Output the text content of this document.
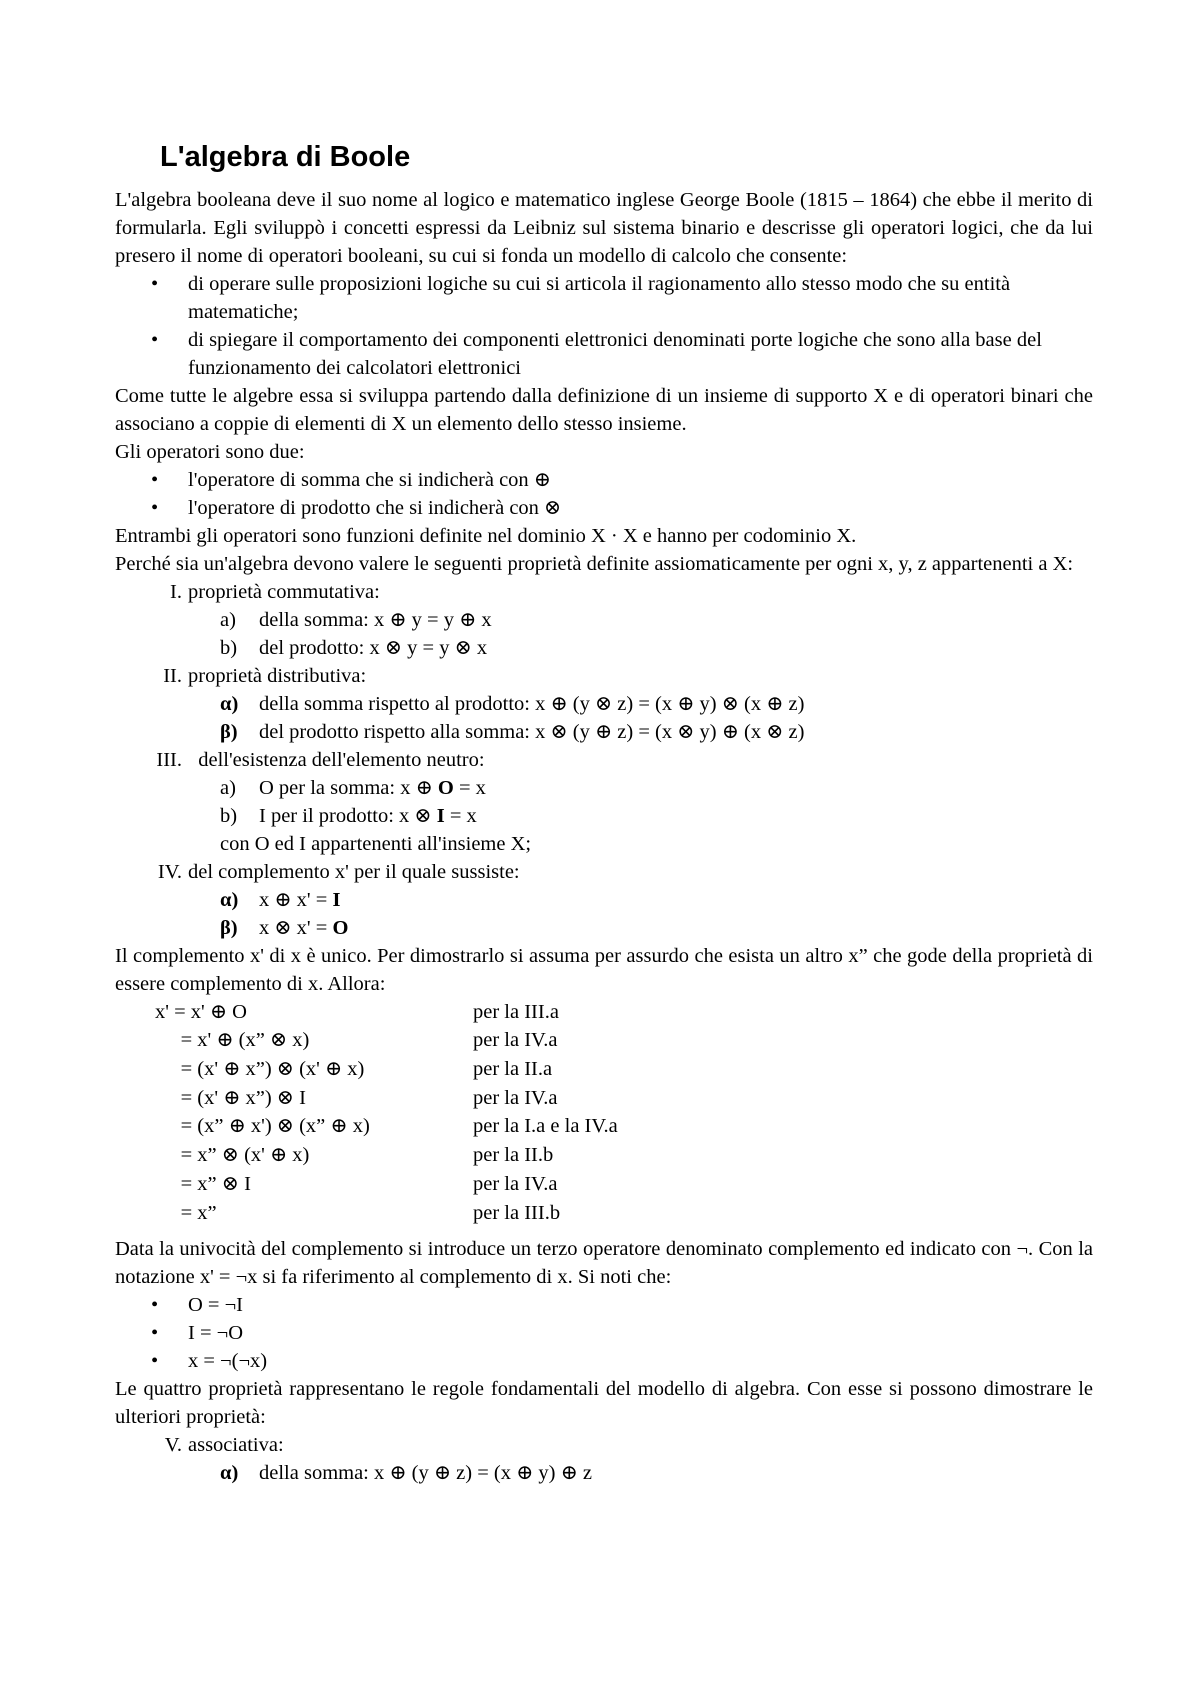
L'algebra di Boole

L'algebra booleana deve il suo nome al logico e matematico inglese George Boole (1815 – 1864) che ebbe il merito di formularla. Egli sviluppò i concetti espressi da Leibniz sul sistema binario e descrisse gli operatori logici, che da lui presero il nome di operatori booleani, su cui si fonda un modello di calcolo che consente:

• di operare sulle proposizioni logiche su cui si articola il ragionamento allo stesso modo che su entità matematiche;
• di spiegare il comportamento dei componenti elettronici denominati porte logiche che sono alla base del funzionamento dei calcolatori elettronici

Come tutte le algebre essa si sviluppa partendo dalla definizione di un insieme di supporto X e di operatori binari che associano a coppie di elementi di X un elemento dello stesso insieme.

Gli operatori sono due:

• l'operatore di somma che si indicherà con ⊕
• l'operatore di prodotto che si indicherà con ⊗

Entrambi gli operatori sono funzioni definite nel dominio X · X e hanno per codominio X.

Perché sia un'algebra devono valere le seguenti proprietà definite assiomaticamente per ogni x, y, z appartenenti a X:

I. proprietà commutativa:
a)	della somma: x ⊕ y = y ⊕ x
b)	del prodotto: x ⊗ y = y ⊗ x
II. proprietà distributiva:
α)	della somma rispetto al prodotto: x ⊕ (y ⊗ z) = (x ⊕ y) ⊗ (x ⊕ z)
β)	del prodotto rispetto alla somma: x ⊗ (y ⊕ z) = (x ⊗ y) ⊕ (x ⊗ z)
III. dell'esistenza dell'elemento neutro:
a)	O per la somma: x ⊕ O = x
b)	I per il prodotto: x ⊗ I = x
con O ed I appartenenti all'insieme X;
IV. del complemento x' per il quale sussiste:
α)	x ⊕ x' = I
β)	x ⊗ x' = O

Il complemento x' di x è unico. Per dimostrarlo si assuma per assurdo che esista un altro x” che gode della proprietà di essere complemento di x. Allora:

x' = x' ⊕ O	per la III.a
= x' ⊕ (x” ⊗ x)	per la IV.a
= (x' ⊕ x”) ⊗ (x' ⊕ x)	per la II.a
= (x' ⊕ x”) ⊗ I	per la IV.a
= (x” ⊕ x') ⊗ (x” ⊕ x)	per la I.a e la IV.a
= x” ⊗ (x' ⊕ x)	per la II.b
= x” ⊗ I	per la IV.a
= x”	per la III.b

Data la univocità del complemento si introduce un terzo operatore denominato complemento ed indicato con ¬. Con la notazione x' = ¬x si fa riferimento al complemento di x. Si noti che:

• O = ¬I
• I = ¬O
• x = ¬(¬x)

Le quattro proprietà rappresentano le regole fondamentali del modello di algebra. Con esse si possono dimostrare le ulteriori proprietà:

V. associativa:
α)	della somma: x ⊕ (y ⊕ z) = (x ⊕ y) ⊕ z
